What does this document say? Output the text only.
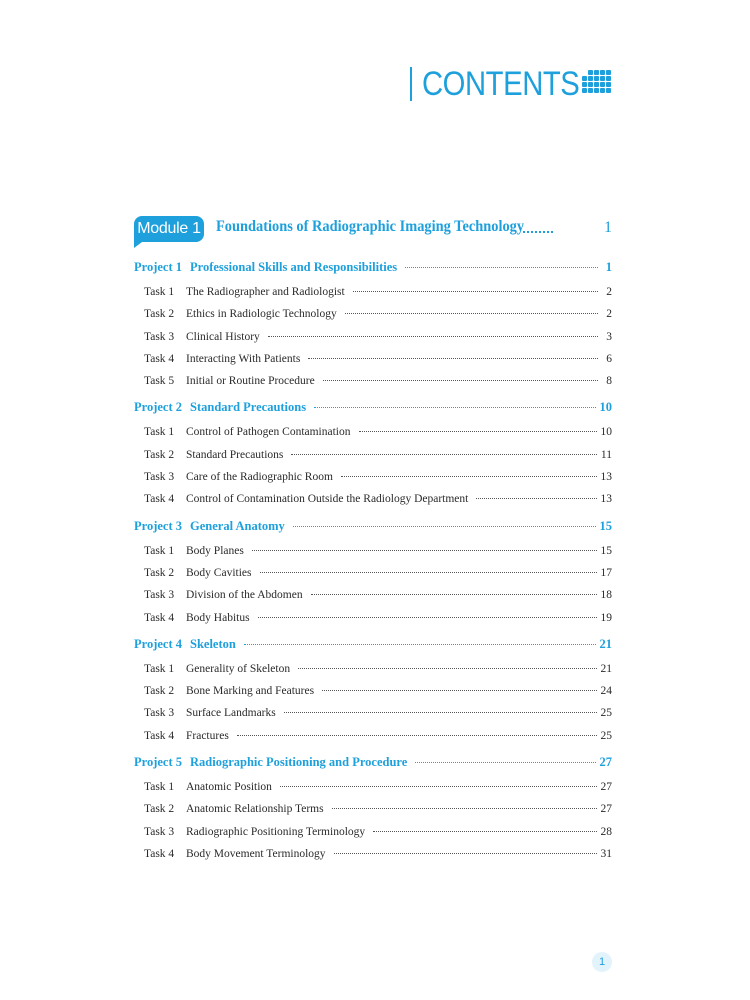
CONTENTS
Module 1 Foundations of Radiographic Imaging Technology	1
Project 1 Professional Skills and Responsibilities	1
Task 1	The Radiographer and Radiologist	2
Task 2	Ethics in Radiologic Technology	2
Task 3	Clinical History	3
Task 4	Interacting With Patients	6
Task 5	Initial or Routine Procedure	8
Project 2 Standard Precautions	10
Task 1	Control of Pathogen Contamination	10
Task 2	Standard Precautions	11
Task 3	Care of the Radiographic Room	13
Task 4	Control of Contamination Outside the Radiology Department	13
Project 3 General Anatomy	15
Task 1	Body Planes	15
Task 2	Body Cavities	17
Task 3	Division of the Abdomen	18
Task 4	Body Habitus	19
Project 4 Skeleton	21
Task 1	Generality of Skeleton	21
Task 2	Bone Marking and Features	24
Task 3	Surface Landmarks	25
Task 4	Fractures	25
Project 5 Radiographic Positioning and Procedure	27
Task 1	Anatomic Position	27
Task 2	Anatomic Relationship Terms	27
Task 3	Radiographic Positioning Terminology	28
Task 4	Body Movement Terminology	31
1
